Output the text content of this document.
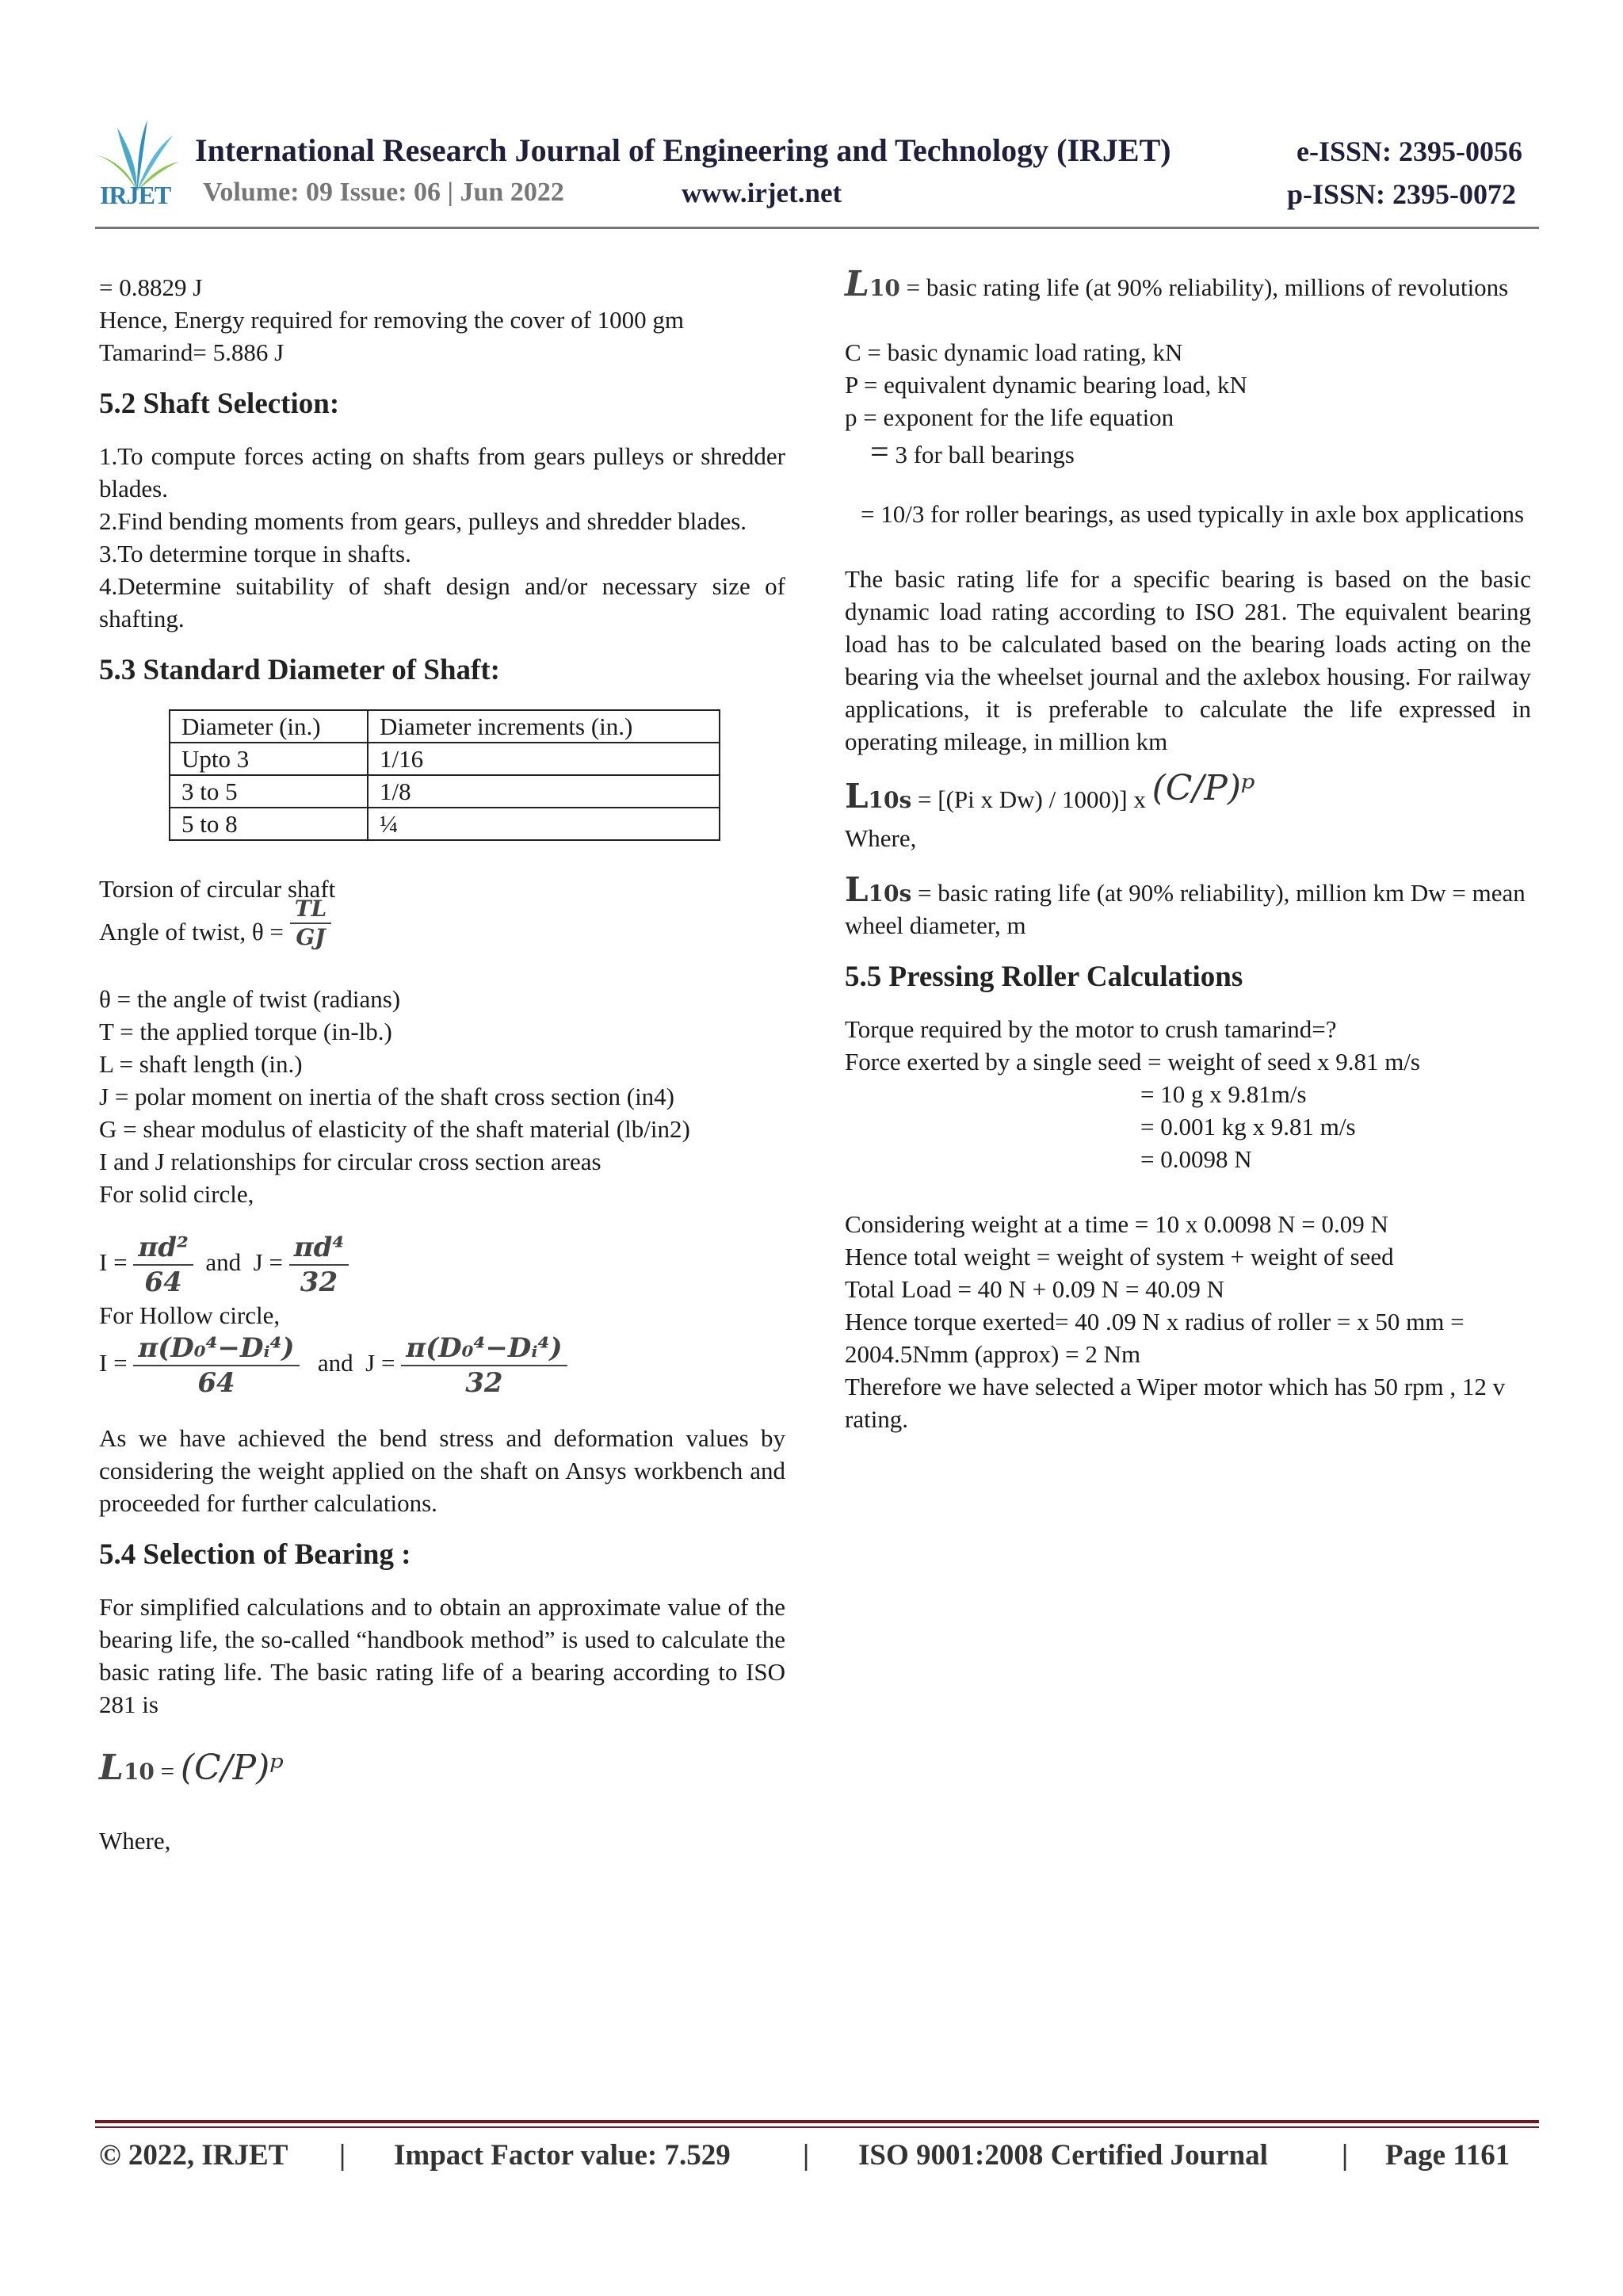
IRJET
International Research Journal of Engineering and Technology (IRJET)	e-ISSN: 2395-0056
Volume: 09 Issue: 06 | Jun 2022	www.irjet.net	p-ISSN: 2395-0072

= 0.8829 J

Hence, Energy required for removing the cover of 1000 gm Tamarind= 5.886 J

5.2 Shaft Selection:

1.To compute forces acting on shafts from gears pulleys or shredder blades.

2.Find bending moments from gears, pulleys and shredder blades.

3.To determine torque in shafts.

4.Determine suitability of shaft design and/or necessary size of shafting.

5.3 Standard Diameter of Shaft:

Diameter (in.)	Diameter increments (in.)
Upto 3	1/16
3 to 5	1/8
5 to 8	¼

Torsion of circular shaft

Angle of twist, $\theta = \frac{TL}{GJ}$

θ = the angle of twist (radians)

T = the applied torque (in-lb.)

L = shaft length (in.)

J = polar moment on inertia of the shaft cross section (in4)

G = shear modulus of elasticity of the shaft material (lb/in2)

I and J relationships for circular cross section areas

For solid circle,

$I = \frac{\text{πd²}}{64}$ and $J = \frac{\text{πd⁴}}{32}$

For Hollow circle,

$I = \frac{\text{π(D₀⁴−Dᵢ⁴)}}{64}$ and $J = \frac{\text{π(D₀⁴−Dᵢ⁴)}}{32}$

As we have achieved the bend stress and deformation values by considering the weight applied on the shaft on Ansys workbench and proceeded for further calculations.

5.4 Selection of Bearing :

For simplified calculations and to obtain an approximate value of the bearing life, the so-called “handbook method” is used to calculate the basic rating life. The basic rating life of a bearing according to ISO 281 is

L10 = (C/P)ᵖ

Where,

L10 = basic rating life (at 90% reliability), millions of revolutions

C = basic dynamic load rating, kN

P = equivalent dynamic bearing load, kN

p = exponent for the life equation

= 3 for ball bearings

= 10/3 for roller bearings, as used typically in axle box applications

The basic rating life for a specific bearing is based on the basic dynamic load rating according to ISO 281. The equivalent bearing load has to be calculated based on the bearing loads acting on the bearing via the wheelset journal and the axlebox housing. For railway applications, it is preferable to calculate the life expressed in operating mileage, in million km

L10s = [(Pi x Dw) / 1000)] x (C/P)ᵖ

Where,

L10s = basic rating life (at 90% reliability), million km Dw = mean wheel diameter, m

5.5 Pressing Roller Calculations

Torque required by the motor to crush tamarind=?

Force exerted by a single seed = weight of seed x 9.81 m/s

= 10 g x 9.81m/s

= 0.001 kg x 9.81 m/s

= 0.0098 N

Considering weight at a time = 10 x 0.0098 N = 0.09 N

Hence total weight = weight of system + weight of seed

Total Load = 40 N + 0.09 N = 40.09 N

Hence torque exerted= 40 .09 N x radius of roller = x 50 mm = 2004.5Nmm (approx) = 2 Nm

Therefore we have selected a Wiper motor which has 50 rpm , 12 v rating.

© 2022, IRJET | Impact Factor value: 7.529 | ISO 9001:2008 Certified Journal	| Page 1161
